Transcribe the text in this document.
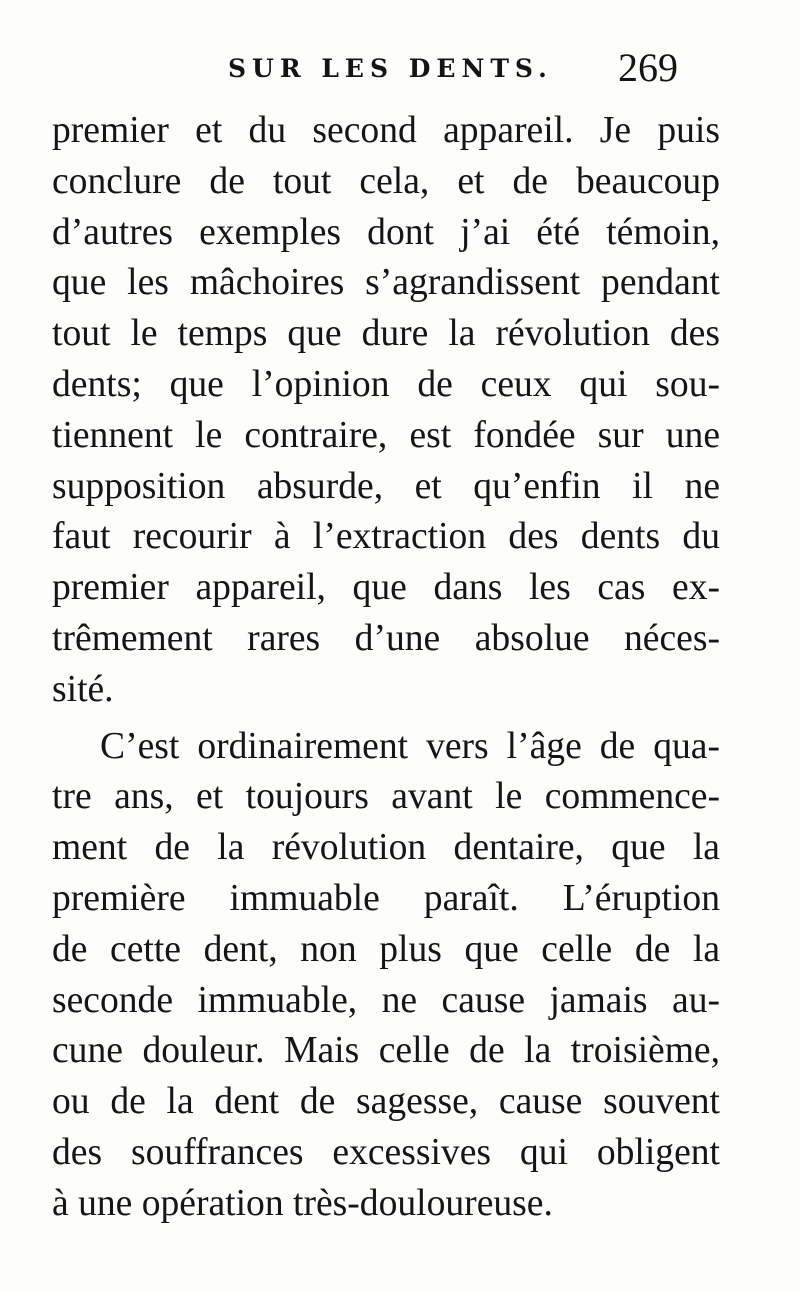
SUR LES DENTS. 269
premier et du second appareil. Je puis
conclure de tout cela, et de beaucoup
d’autres exemples dont j’ai été témoin,
que les mâchoires s’agrandissent pendant
tout le temps que dure la révolution des
dents; que l’opinion de ceux qui sou-
tiennent le contraire, est fondée sur une
supposition absurde, et qu’enfin il ne
faut recourir à l’extraction des dents du
premier appareil, que dans les cas ex-
trêmement rares d’une absolue néces-
sité.
C’est ordinairement vers l’âge de qua-
tre ans, et toujours avant le commence-
ment de la révolution dentaire, que la
première immuable paraît. L’éruption
de cette dent, non plus que celle de la
seconde immuable, ne cause jamais au-
cune douleur. Mais celle de la troisième,
ou de la dent de sagesse, cause souvent
des souffrances excessives qui obligent
à une opération très-douloureuse.
